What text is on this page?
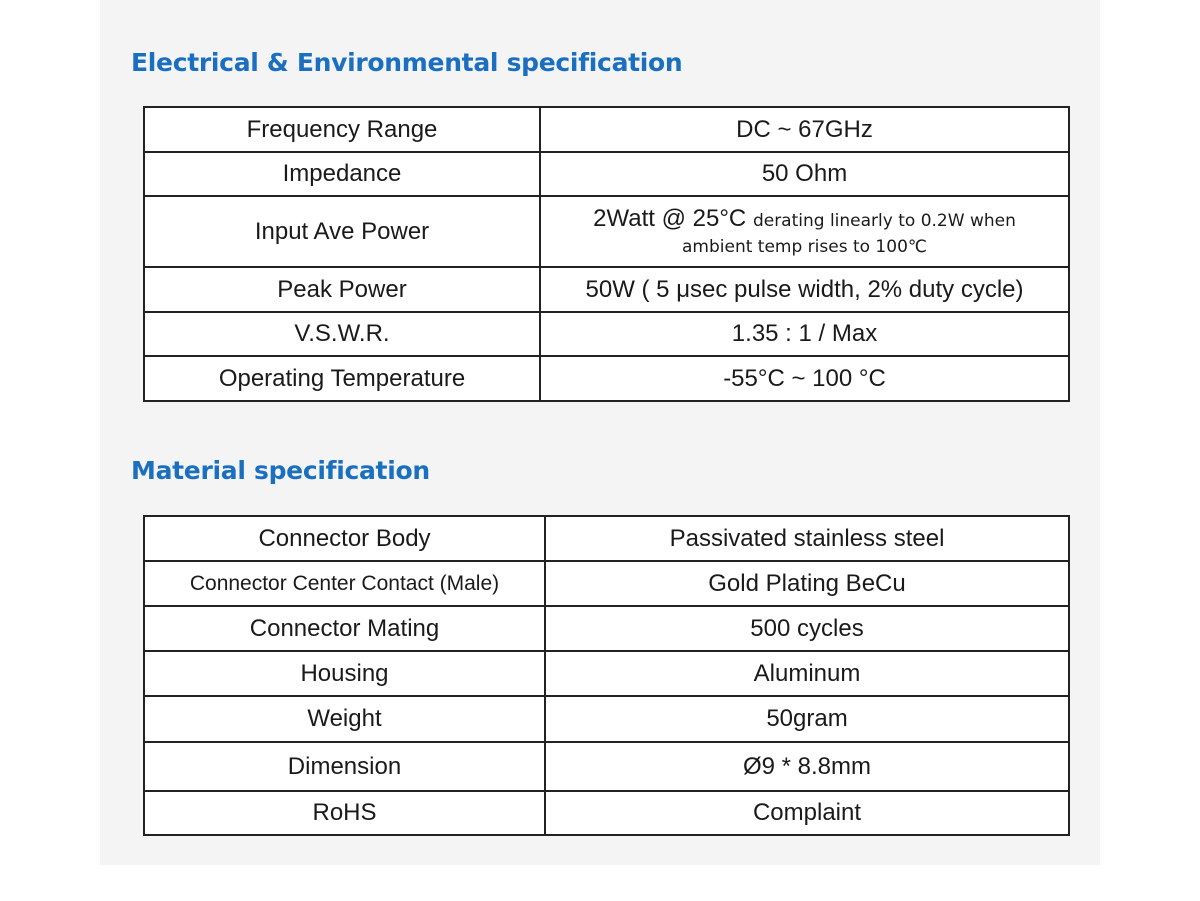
Electrical & Environmental specification
Frequency Range	DC ~ 67GHz
Impedance	50 Ohm
Input Ave Power	2Watt @ 25°C derating linearly to 0.2W when
ambient temp rises to 100℃

Peak Power	50W ( 5 μsec pulse width, 2% duty cycle)
V.S.W.R.	1.35 : 1 / Max
Operating Temperature	-55°C ~ 100 °C
Material specification
Connector Body	Passivated stainless steel
Connector Center Contact (Male)	Gold Plating BeCu
Connector Mating	500 cycles
Housing	Aluminum
Weight	50gram
Dimension	Ø9 * 8.8mm
RoHS	Complaint
